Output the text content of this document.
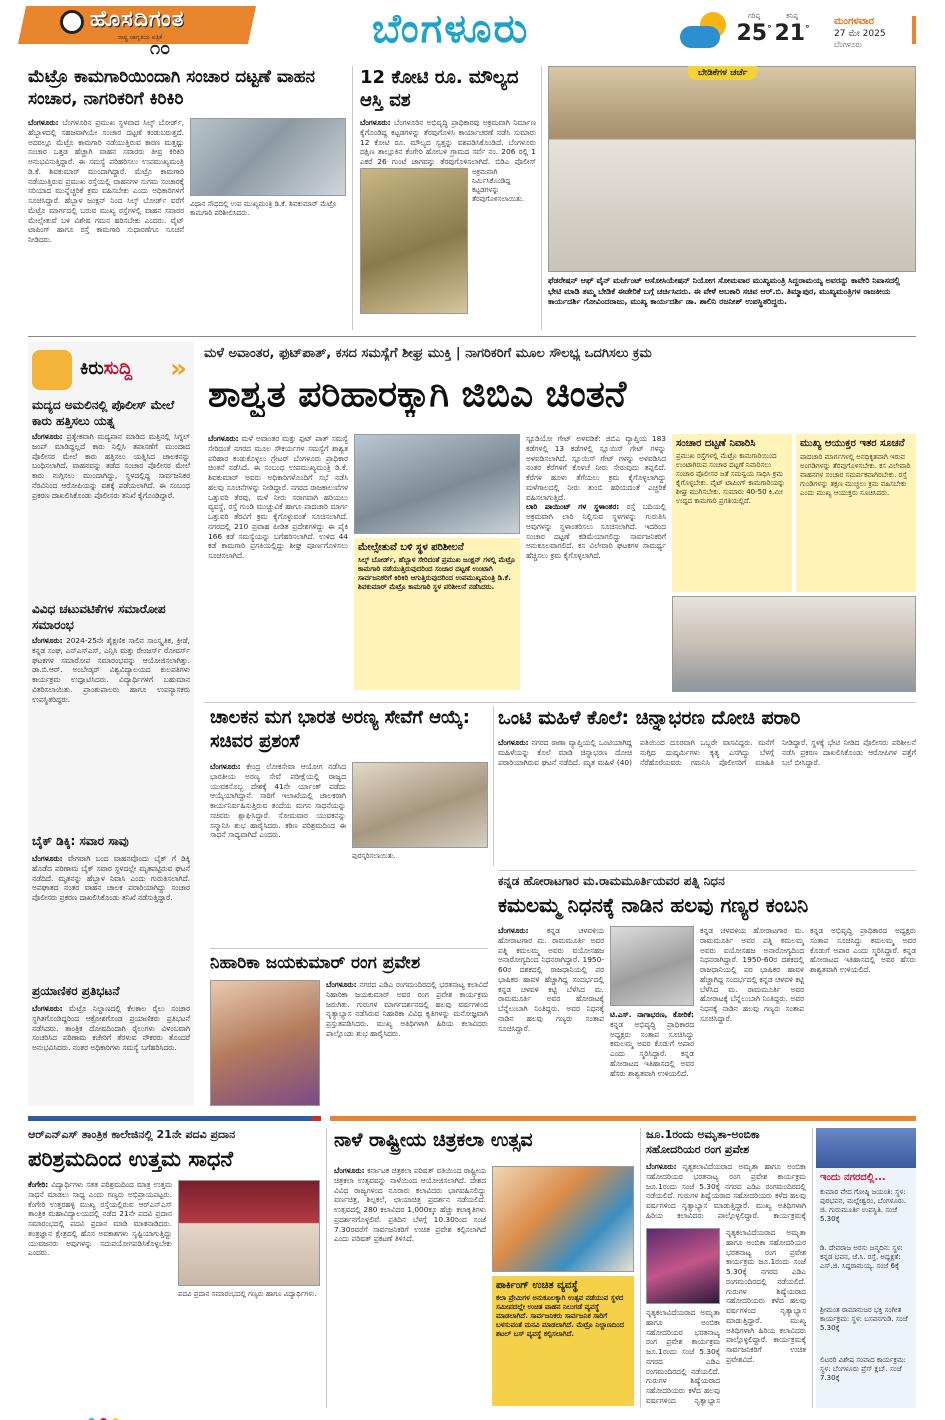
ಹೊಸದಿಗಂತ
ರಾಷ್ಟ್ರ ಜಾಗೃತಿಯ ಪತ್ರಿಕೆ
೧೦	ಬೆಂಗಳೂರು	ಗರಿಷ್ಠ
25°
ಕನಿಷ್ಠ
21°
ಮಂಗಳವಾರ
27 ಮೇ 2025
ಬೆಂಗಳೂರು
ಮೆಟ್ರೊ ಕಾಮಗಾರಿಯಿಂದಾಗಿ ಸಂಚಾರ ದಟ್ಟಣೆ ವಾಹನ ಸಂಚಾರ, ನಾಗರಿಕರಿಗೆ ಕಿರಿಕಿರಿ
ಬೆಂಗಳೂರು: ಬೆಂಗಳೂರಿನ ಪ್ರಮುಖ ಸ್ಥಳವಾದ ಸಿಲ್ಕ್ ಬೋರ್ಡ್, ಹೆಬ್ಬಾಳದಲ್ಲಿ ಸಹಜವಾಗಿಯೇ ಸಂಚಾರ ದಟ್ಟಣೆ ಕಂಡುಬರುತ್ತದೆ. ಅದರಲ್ಲೂ ಮೆಟ್ರೊ ಕಾಮಗಾರಿ ನಡೆಯುತ್ತಿರುವ ಕಾರಣ ಮತ್ತಷ್ಟು ಸಂಚಾರ ಒತ್ತಡ ಹೆಚ್ಚಾಗಿ ವಾಹನ ಸವಾರರು ತೀವ್ರ ಕಿರಿಕಿರಿ ಅನುಭವಿಸುತ್ತಿದ್ದಾರೆ. ಈ ಸಮಸ್ಯೆ ಪರಿಹರಿಸಲು ಉಪಮುಖ್ಯಮಂತ್ರಿ ಡಿ.ಕೆ. ಶಿವಕುಮಾರ್ ಮುಂದಾಗಿದ್ದಾರೆ. ಮೆಟ್ರೊ ಕಾಮಗಾರಿ ನಡೆಯುತ್ತಿರುವ ಪ್ರಮುಖ ರಸ್ತೆಯಲ್ಲಿ ವಾಹನಗಳ ಸುಗಮ ಸಂಚಾರಕ್ಕೆ ಸರಿಯಾದ ಮುನ್ನೆಚ್ಚರಿಕೆ ಕ್ರಮ ವಹಿಸಬೇಕು ಎಂದು ಅಧಿಕಾರಿಗಳಿಗೆ ಸೂಚಿಸಿದ್ದಾರೆ. ಹೆಬ್ಬಾಳ ಜಂಕ್ಷನ್ ನಿಂದ ಸಿಲ್ಕ್ ಬೋರ್ಡ್ ವರೆಗೆ ಮೆಟ್ರೊ ಮಾರ್ಗದಲ್ಲಿ ಬರುವ ಮುಖ್ಯ ರಸ್ತೆಗಳಲ್ಲಿ ವಾಹನ ಸವಾರರ ಮೇಲ್ಸೇತುವೆ ಬಳಿ ವಿಶೇಷ ಗಮನ ಹರಿಸಬೇಕು ಎಂದರು. ವೈಟ್ ಟಾಪಿಂಗ್ ಹಾಗೂ ರಸ್ತೆ ಕಾಮಗಾರಿ ಸುಧಾರಣೆಗೂ ಸೂಚನೆ ನೀಡಿದರು.
ವಿಧಾನ ಸೌಧದಲ್ಲಿ ಉಪ ಮುಖ್ಯಮಂತ್ರಿ ಡಿ.ಕೆ. ಶಿವಕುಮಾರ್ ಮೆಟ್ರೊ ಕಾಮಗಾರಿ ಪರಿಶೀಲಿಸಿದರು.
12 ಕೋಟಿ ರೂ. ಮೌಲ್ಯದ ಆಸ್ತಿ ವಶ
ಬೆಂಗಳೂರು: ಬೆಂಗಳೂರಿನ ಅಭಿವೃದ್ಧಿ ಪ್ರಾಧಿಕಾರವು ಅಕ್ರಮವಾಗಿ ನಿರ್ಮಾಣ ಕೈಗೊಂಡಿದ್ದ ಕಟ್ಟಡಗಳನ್ನು ತೆರವುಗೊಳಿಸಿ ಕಾರ್ಯಾಚರಣೆ ನಡೆಸಿ ಸುಮಾರು 12 ಕೋಟಿ ರೂ. ಮೌಲ್ಯದ ಸ್ವತ್ತನ್ನು ವಶಪಡಿಸಿಕೊಂಡಿದೆ. ಬೆಂಗಳೂರು ದಕ್ಷಿಣ ತಾಲ್ಲೂಕಿನ ಕೆಂಗೇರಿ ಹೋಬಳಿ ಗ್ರಾಮದ ಸರ್ವೆ ನಂ. 206 ರಲ್ಲಿ 1 ಎಕರೆ 26 ಗುಂಟೆ ಜಾಗವನ್ನು ತೆರವುಗೊಳಿಸಲಾಗಿದೆ. ಬಿಡಿಎ ಪೊಲೀಸ್
ಅಕ್ರಮವಾಗಿ ನಿರ್ಮಿಸಿಕೊಂಡಿದ್ದ ಕಟ್ಟಡಗಳನ್ನು ತೆರವುಗೊಳಿಸಲಾಯಿತು.
ಬೇಡಿಕೆಗಳ ಚರ್ಚೆ
ಫೆಡರೇಷನ್ ಆಫ್ ವೈನ್ ಮರ್ಚೆಂಟ್ ಅಸೋಸಿಯೇಷನ್ ನಿಯೋಗ ಸೋಮವಾರ ಮುಖ್ಯಮಂತ್ರಿ ಸಿದ್ದರಾಮಯ್ಯ ಅವರನ್ನು ಕಾವೇರಿ ನಿವಾಸದಲ್ಲಿ ಭೇಟಿ ಮಾಡಿ ತಮ್ಮ ಬೇಡಿಕೆ ಈಡೇರಿಕೆ ಬಗ್ಗೆ ಚರ್ಚಿಸಿದರು. ಈ ವೇಳೆ ಅಬಕಾರಿ ಸಚಿವ ಆರ್.ಬಿ. ತಿಮ್ಮಾಪುರ, ಮುಖ್ಯಮಂತ್ರಿಗಳ ರಾಜಕೀಯ ಕಾರ್ಯದರ್ಶಿ ಗೋವಿಂದರಾಜು, ಮುಖ್ಯ ಕಾರ್ಯದರ್ಶಿ ಡಾ. ಶಾಲಿನಿ ರಜನೀಶ್ ಉಪಸ್ಥಿತರಿದ್ದರು.
ಕಿರುಸುದ್ದಿ »
ಮದ್ಯದ ಅಮಲಿನಲ್ಲಿ ಪೊಲೀಸ್ ಮೇಲೆ ಕಾರು ಹತ್ತಿಸಲು ಯತ್ನ
ಬೆಂಗಳೂರು: ಪ್ರತ್ಯೇಕವಾಗಿ ಮದ್ಯಪಾನ ಮಾಡಿದ ಮತ್ತಿನಲ್ಲಿ ಸಿಗ್ನಲ್ ಜಂಪ್ ಮಾಡಿದ್ದಲ್ಲದೆ ಕಾರು ನಿಲ್ಲಿಸಿ ತಪಾಸಣೆಗೆ ಮುಂದಾದ ಪೊಲೀಸರ ಮೇಲೆ ಕಾರು ಹತ್ತಿಸಲು ಯತ್ನಿಸಿದ ಚಾಲಕನನ್ನು ಬಂಧಿಸಲಾಗಿದೆ. ವಾಹನವನ್ನು ತಡೆದ ಸಂಚಾರ ಪೊಲೀಸರ ಮೇಲೆ ಕಾರು ನುಗ್ಗಿಸಲು ಮುಂದಾಗಿದ್ದು, ಸ್ಥಳದಲ್ಲಿದ್ದ ಸಾರ್ವಜನಿಕರ ನೆರವಿನಿಂದ ಆರೋಪಿಯನ್ನು ವಶಕ್ಕೆ ಪಡೆಯಲಾಗಿದೆ. ಈ ಸಂಬಂಧ ಪ್ರಕರಣ ದಾಖಲಿಸಿಕೊಂಡು ಪೊಲೀಸರು ತನಿಖೆ ಕೈಗೊಂಡಿದ್ದಾರೆ.
ವಿವಿಧ ಚಟುವಟಿಕೆಗಳ ಸಮಾರೋಪ ಸಮಾರಂಭ
ಬೆಂಗಳೂರು: 2024-25ನೇ ಶೈಕ್ಷಣಿಕ ಸಾಲಿನ ಸಾಂಸ್ಕೃತಿಕ, ಕ್ರೀಡೆ, ಕನ್ನಡ ಸಂಘ, ಎನ್ಎಸ್ಎಸ್, ಎನ್ಸಿಸಿ ಮತ್ತು ರೇಂಜರ್ಸ್ ರೋವರ್ಸ್ ಘಟಕಗಳ ಸಮಾರೋಪ ಸಮಾರಂಭವನ್ನು ಆಯೋಜಿಸಲಾಗಿತ್ತು. ಡಾ.ಬಿ.ಆರ್. ಅಂಬೇಡ್ಕರ್ ವಿಶ್ವವಿದ್ಯಾಲಯದ ಕುಲಪತಿಗಳು ಕಾರ್ಯಕ್ರಮ ಉದ್ಘಾಟಿಸಿದರು. ವಿದ್ಯಾರ್ಥಿಗಳಿಗೆ ಬಹುಮಾನ ವಿತರಿಸಲಾಯಿತು. ಪ್ರಾಂಶುಪಾಲರು ಹಾಗೂ ಉಪನ್ಯಾಸಕರು ಉಪಸ್ಥಿತರಿದ್ದರು.
ಬೈಕ್ ಡಿಕ್ಕಿ: ಸವಾರ ಸಾವು
ಬೆಂಗಳೂರು: ವೇಗವಾಗಿ ಬಂದ ವಾಹನವೊಂದು ಬೈಕ್ ಗೆ ಡಿಕ್ಕಿ ಹೊಡೆದ ಪರಿಣಾಮ ಬೈಕ್ ಸವಾರ ಸ್ಥಳದಲ್ಲೇ ಮೃತಪಟ್ಟಿರುವ ಘಟನೆ ನಡೆದಿದೆ. ಮೃತನನ್ನು ಹೆಬ್ಬಾಳ ನಿವಾಸಿ ಎಂದು ಗುರುತಿಸಲಾಗಿದೆ. ಅಪಘಾತದ ನಂತರ ವಾಹನ ಚಾಲಕ ಪರಾರಿಯಾಗಿದ್ದು ಸಂಚಾರ ಪೊಲೀಸರು ಪ್ರಕರಣ ದಾಖಲಿಸಿಕೊಂಡು ತನಿಖೆ ನಡೆಸುತ್ತಿದ್ದಾರೆ.
ಪ್ರಯಾಣಿಕರ ಪ್ರತಿಭಟನೆ
ಬೆಂಗಳೂರು: ಮೆಟ್ರೊ ನಿಲ್ದಾಣದಲ್ಲಿ ಕೆಲಕಾಲ ರೈಲು ಸಂಚಾರ ಸ್ಥಗಿತಗೊಂಡಿದ್ದರಿಂದ ಆಕ್ರೋಶಗೊಂಡ ಪ್ರಯಾಣಿಕರು ಪ್ರತಿಭಟನೆ ನಡೆಸಿದರು. ತಾಂತ್ರಿಕ ದೋಷದಿಂದಾಗಿ ರೈಲುಗಳು ವಿಳಂಬವಾಗಿ ಸಂಚರಿಸಿದ ಪರಿಣಾಮ ಕಚೇರಿಗೆ ತೆರಳುವ ನೌಕರರು ತೊಂದರೆ ಅನುಭವಿಸಿದರು. ನಂತರ ಅಧಿಕಾರಿಗಳು ಸಮಸ್ಯೆ ಬಗೆಹರಿಸಿದರು.
ಮಳೆ ಅವಾಂತರ, ಫುಟ್‌ಪಾತ್, ಕಸದ ಸಮಸ್ಯೆಗೆ ಶೀಘ್ರ ಮುಕ್ತಿ | ನಾಗರಿಕರಿಗೆ ಮೂಲ ಸೌಲಭ್ಯ ಒದಗಿಸಲು ಕ್ರಮ
ಶಾಶ್ವತ ಪರಿಹಾರಕ್ಕಾಗಿ ಜಿಬಿಎ ಚಿಂತನೆ
ಬೆಂಗಳೂರು: ಮಳೆ ಅವಾಂತರ ಮತ್ತು ಫುಟ್ ಪಾತ್ ಸಮಸ್ಯೆ ಸೇರಿದಂತೆ ನಗರದ ಮೂಲ ಸೌಕರ್ಯಗಳ ಸಮಸ್ಯೆಗೆ ಶಾಶ್ವತ ಪರಿಹಾರ ಕಂಡುಕೊಳ್ಳಲು ಗ್ರೇಟರ್ ಬೆಂಗಳೂರು ಪ್ರಾಧಿಕಾರ ಚಿಂತನೆ ನಡೆಸಿದೆ. ಈ ಸಂಬಂಧ ಉಪಮುಖ್ಯಮಂತ್ರಿ ಡಿ.ಕೆ. ಶಿವಕುಮಾರ್ ಅವರು ಅಧಿಕಾರಿಗಳೊಂದಿಗೆ ಸಭೆ ನಡೆಸಿ ಹಲವು ಸೂಚನೆಗಳನ್ನು ನೀಡಿದ್ದಾರೆ. ನಗರದ ರಾಜಕಾಲುವೆಗಳ ಒತ್ತುವರಿ ತೆರವು, ಮಳೆ ನೀರು ಸರಾಗವಾಗಿ ಹರಿಯಲು ವ್ಯವಸ್ಥೆ, ರಸ್ತೆ ಗುಂಡಿ ಮುಚ್ಚುವಿಕೆ ಹಾಗೂ ಪಾದಚಾರಿ ಮಾರ್ಗ ಒತ್ತುವರಿ ತೆರವಿಗೆ ಕ್ರಮ ಕೈಗೊಳ್ಳುವಂತೆ ಸೂಚಿಸಲಾಗಿದೆ. ನಗರದಲ್ಲಿ 210 ಪ್ರವಾಹ ಪೀಡಿತ ಪ್ರದೇಶಗಳಿದ್ದು ಈ ಪೈಕಿ 166 ಕಡೆ ಸಮಸ್ಯೆಯನ್ನು ಬಗೆಹರಿಸಲಾಗಿದೆ. ಉಳಿದ 44 ಕಡೆ ಕಾಮಗಾರಿ ಪ್ರಗತಿಯಲ್ಲಿದ್ದು ಶೀಘ್ರ ಪೂರ್ಣಗೊಳಿಸಲು ಸೂಚಿಸಲಾಗಿದೆ.
ಮೇಲ್ಸೇತುವೆ ಬಳಿ ಸ್ಥಳ ಪರಿಶೀಲನೆ
ಸಿಲ್ಕ್ ಬೋರ್ಡ್, ಹೆಬ್ಬಾಳ ಸೇರಿದಂತೆ ಪ್ರಮುಖ ಜಂಕ್ಷನ್ ಗಳಲ್ಲಿ ಮೆಟ್ರೊ ಕಾಮಗಾರಿ ನಡೆಯುತ್ತಿರುವುದರಿಂದ ಸಂಚಾರ ದಟ್ಟಣೆ ಉಂಟಾಗಿ ಸಾರ್ವಜನಿಕರಿಗೆ ಕಿರಿಕಿರಿ ಆಗುತ್ತಿರುವುದರಿಂದ ಉಪಮುಖ್ಯಮಂತ್ರಿ ಡಿ.ಕೆ. ಶಿವಕುಮಾರ್ ಮೆಟ್ರೊ ಕಾಮಗಾರಿ ಸ್ಥಳ ಪರಿಶೀಲನೆ ನಡೆಸಿದರು.
ಸ್ಟೂಡಿಯೋ ಗೇಟ್ ಅಳವಡಿಕೆ: ಜಿಬಿಎ ವ್ಯಾಪ್ತಿಯ 183 ಕಡೆಗಳಲ್ಲಿ 13 ಕಡೆಗಳಲ್ಲಿ ಸ್ಲೂಯಿಸ್ ಗೇಟ್ ಗಳನ್ನು ಅಳವಡಿಸಲಾಗಿದೆ. ಸ್ಲೂಯಿಸ್ ಗೇಟ್ ಗಳನ್ನು ಅಳವಡಿಸಿದ ನಂತರ ಕೆರೆಗಳಿಗೆ ಕೊಳಚೆ ನೀರು ಸೇರುವುದು ತಪ್ಪಲಿದೆ. ಕೆರೆಗಳ ಹೂಳು ತೆಗೆಯಲು ಕ್ರಮ ಕೈಗೊಳ್ಳಲಾಗಿದ್ದು ಮಳೆಗಾಲದಲ್ಲಿ ನೀರು ತುಂಬಿ ಹರಿಯದಂತೆ ಎಚ್ಚರಿಕೆ ವಹಿಸಲಾಗುತ್ತಿದೆ.
ಲಾರಿ ಪಾಯಿಂಟ್ ಗಳ ಸ್ಥಳಾಂತರ: ರಸ್ತೆ ಬದಿಯಲ್ಲಿ ಅಕ್ರಮವಾಗಿ ಲಾರಿ ನಿಲ್ಲಿಸುವ ಸ್ಥಳಗಳನ್ನು ಗುರುತಿಸಿ ಅವುಗಳನ್ನು ಸ್ಥಳಾಂತರಿಸಲು ಸೂಚಿಸಲಾಗಿದೆ. ಇದರಿಂದ ಸಂಚಾರ ದಟ್ಟಣೆ ಕಡಿಮೆಯಾಗಲಿದ್ದು ಸಾರ್ವಜನಿಕರಿಗೆ ಅನುಕೂಲವಾಗಲಿದೆ. ಕಸ ವಿಲೇವಾರಿ ಘಟಕಗಳ ಸಾಮರ್ಥ್ಯ ಹೆಚ್ಚಿಸಲು ಕ್ರಮ ಕೈಗೊಳ್ಳಲಾಗಿದೆ.
ಸಂಚಾರ ದಟ್ಟಣೆ ನಿವಾರಿಸಿ
ಪ್ರಮುಖ ರಸ್ತೆಗಳಲ್ಲಿ ಮೆಟ್ರೊ ಕಾಮಗಾರಿಯಿಂದ ಉಂಟಾಗಿರುವ ಸಂಚಾರ ದಟ್ಟಣೆ ನಿವಾರಿಸಲು ಸಂಚಾರ ಪೊಲೀಸರ ಜತೆ ಸಮನ್ವಯ ಸಾಧಿಸಿ ಕ್ರಮ ಕೈಗೊಳ್ಳಬೇಕು. ವೈಟ್ ಟಾಪಿಂಗ್ ಕಾಮಗಾರಿಯನ್ನು ಶೀಘ್ರ ಮುಗಿಸಬೇಕು. ಸುಮಾರು 40-50 ಕಿ.ಮೀ ಉದ್ದದ ಕಾಮಗಾರಿ ಪ್ರಗತಿಯಲ್ಲಿದೆ.
ಮುಖ್ಯ ಆಯುಕ್ತರ ಇತರ ಸೂಚನೆ
ಪಾದಚಾರಿ ಮಾರ್ಗಗಳಲ್ಲಿ ಅನಧಿಕೃತವಾಗಿ ಇರುವ ಅಂಗಡಿಗಳನ್ನು ತೆರವುಗೊಳಿಸಬೇಕು. ಕಸ ವಿಲೇವಾರಿ ವಾಹನಗಳ ಸಂಚಾರ ಸಮರ್ಪಕವಾಗಿರಬೇಕು. ರಸ್ತೆ ಗುಂಡಿಗಳನ್ನು ತಕ್ಷಣ ಮುಚ್ಚಲು ಕ್ರಮ ವಹಿಸಬೇಕು ಎಂದು ಮುಖ್ಯ ಆಯುಕ್ತರು ಸೂಚಿಸಿದರು.
ಚಾಲಕನ ಮಗ ಭಾರತ ಅರಣ್ಯ ಸೇವೆಗೆ ಆಯ್ಕೆ: ಸಚಿವರ ಪ್ರಶಂಸೆ
ಬೆಂಗಳೂರು: ಕೇಂದ್ರ ಲೋಕಸೇವಾ ಆಯೋಗ ನಡೆಸಿದ ಭಾರತೀಯ ಅರಣ್ಯ ಸೇವೆ ಪರೀಕ್ಷೆಯಲ್ಲಿ ರಾಜ್ಯದ ಯುವಕನೊಬ್ಬ ದೇಶಕ್ಕೆ 41ನೇ ರ್ಯಾಂಕ್ ಪಡೆದು ಆಯ್ಕೆಯಾಗಿದ್ದಾನೆ. ಸಾರಿಗೆ ಇಲಾಖೆಯಲ್ಲಿ ಚಾಲಕರಾಗಿ ಕಾರ್ಯನಿರ್ವಹಿಸುತ್ತಿರುವ ತಂದೆಯ ಮಗನ ಸಾಧನೆಯನ್ನು ಸಚಿವರು ಶ್ಲಾಘಿಸಿದ್ದಾರೆ. ಸೋಮವಾರ ಯುವಕನನ್ನು ಸನ್ಮಾನಿಸಿ ಶುಭ ಹಾರೈಸಿದರು. ಕಠಿಣ ಪರಿಶ್ರಮದಿಂದ ಈ ಸಾಧನೆ ಸಾಧ್ಯವಾಗಿದೆ ಎಂದರು.
ಪುರಸ್ಕರಿಸಲಾಯಿತು.
ಒಂಟಿ ಮಹಿಳೆ ಕೊಲೆ: ಚಿನ್ನಾಭರಣ ದೋಚಿ ಪರಾರಿ
ಬೆಂಗಳೂರು: ನಗರದ ಠಾಣಾ ವ್ಯಾಪ್ತಿಯಲ್ಲಿ ಒಂಟಿಯಾಗಿದ್ದ ಮಹಿಳೆಯನ್ನು ಕೊಲೆ ಮಾಡಿ ಚಿನ್ನಾಭರಣ ದೋಚಿ ಪರಾರಿಯಾಗಿರುವ ಘಟನೆ ನಡೆದಿದೆ. ಮೃತ ಮಹಿಳೆ (40) ಪತಿಯಿಂದ ದೂರವಾಗಿ ಒಬ್ಬರೇ ವಾಸವಿದ್ದರು. ಮನೆಗೆ ನುಗ್ಗಿದ ದುಷ್ಕರ್ಮಿಗಳು ಕೃತ್ಯ ಎಸಗಿದ್ದು ಬೆಳಗ್ಗೆ ನೆರೆಹೊರೆಯವರು ಗಮನಿಸಿ ಪೊಲೀಸರಿಗೆ ಮಾಹಿತಿ ನೀಡಿದ್ದಾರೆ. ಸ್ಥಳಕ್ಕೆ ಭೇಟಿ ನೀಡಿದ ಪೊಲೀಸರು ಪರಿಶೀಲನೆ ನಡೆಸಿ ಪ್ರಕರಣ ದಾಖಲಿಸಿಕೊಂಡು ಆರೋಪಿಗಳ ಪತ್ತೆಗೆ ಬಲೆ ಬೀಸಿದ್ದಾರೆ.
ಕನ್ನಡ ಹೋರಾಟಗಾರ ಮ.ರಾಮಮೂರ್ತಿಯವರ ಪತ್ನಿ ನಿಧನ
ಕಮಲಮ್ಮ ನಿಧನಕ್ಕೆ ನಾಡಿನ ಹಲವು ಗಣ್ಯರ ಕಂಬನಿ
ಬೆಂಗಳೂರು: ಕನ್ನಡ ಚಳವಳಿಯ ಹೋರಾಟಗಾರ ಮ. ರಾಮಮೂರ್ತಿ ಅವರ ಪತ್ನಿ ಕಮಲಮ್ಮ ಅವರು ವಯೋಸಹಜ ಅನಾರೋಗ್ಯದಿಂದ ನಿಧನರಾಗಿದ್ದಾರೆ. 1950-60ರ ದಶಕದಲ್ಲಿ ರಾಜಧಾನಿಯಲ್ಲಿ ಪರ ಭಾಷಿಕರ ಹಾವಳಿ ಹೆಚ್ಚಾಗಿದ್ದ ಸಂದರ್ಭದಲ್ಲಿ ಕನ್ನಡ ಚಳವಳಿ ಕಟ್ಟಿ ಬೆಳೆಸಿದ ಮ. ರಾಮಮೂರ್ತಿ ಅವರ ಹೋರಾಟಕ್ಕೆ ಬೆನ್ನೆಲುಬಾಗಿ ನಿಂತಿದ್ದರು. ಅವರ ನಿಧನಕ್ಕೆ ನಾಡಿನ ಹಲವು ಗಣ್ಯರು ಸಂತಾಪ ಸೂಚಿಸಿದ್ದಾರೆ.
ಟಿ.ಎಸ್. ನಾಗಾಭರಣ, ಕೋರಿಕೆ: ಕನ್ನಡ ಅಭಿವೃದ್ಧಿ ಪ್ರಾಧಿಕಾರದ ಅಧ್ಯಕ್ಷರು ಸಂತಾಪ ಸೂಚಿಸಿದ್ದು ಕಮಲಮ್ಮ ಅವರ ಕೊಡುಗೆ ಅಪಾರ ಎಂದು ಸ್ಮರಿಸಿದ್ದಾರೆ. ಕನ್ನಡ ಹೋರಾಟದ ಇತಿಹಾಸದಲ್ಲಿ ಅವರ ಹೆಸರು ಶಾಶ್ವತವಾಗಿ ಉಳಿಯಲಿದೆ.
ಕನ್ನಡ ಚಳವಳಿಯ ಹೋರಾಟಗಾರ ಮ. ರಾಮಮೂರ್ತಿ ಅವರ ಪತ್ನಿ ಕಮಲಮ್ಮ ಅವರು ವಯೋಸಹಜ ಅನಾರೋಗ್ಯದಿಂದ ನಿಧನರಾಗಿದ್ದಾರೆ. 1950-60ರ ದಶಕದಲ್ಲಿ ರಾಜಧಾನಿಯಲ್ಲಿ ಪರ ಭಾಷಿಕರ ಹಾವಳಿ ಹೆಚ್ಚಾಗಿದ್ದ ಸಂದರ್ಭದಲ್ಲಿ ಕನ್ನಡ ಚಳವಳಿ ಕಟ್ಟಿ ಬೆಳೆಸಿದ ಮ. ರಾಮಮೂರ್ತಿ ಅವರ ಹೋರಾಟಕ್ಕೆ ಬೆನ್ನೆಲುಬಾಗಿ ನಿಂತಿದ್ದರು. ಅವರ ನಿಧನಕ್ಕೆ ನಾಡಿನ ಹಲವು ಗಣ್ಯರು ಸಂತಾಪ ಸೂಚಿಸಿದ್ದಾರೆ.
ಕನ್ನಡ ಅಭಿವೃದ್ಧಿ ಪ್ರಾಧಿಕಾರದ ಅಧ್ಯಕ್ಷರು ಸಂತಾಪ ಸೂಚಿಸಿದ್ದು ಕಮಲಮ್ಮ ಅವರ ಕೊಡುಗೆ ಅಪಾರ ಎಂದು ಸ್ಮರಿಸಿದ್ದಾರೆ. ಕನ್ನಡ ಹೋರಾಟದ ಇತಿಹಾಸದಲ್ಲಿ ಅವರ ಹೆಸರು ಶಾಶ್ವತವಾಗಿ ಉಳಿಯಲಿದೆ.
ನಿಹಾರಿಕಾ ಜಯಕುಮಾರ್ ರಂಗ ಪ್ರವೇಶ
ಬೆಂಗಳೂರು: ನಗರದ ಎಡಿಎ ರಂಗಮಂದಿರದಲ್ಲಿ ಭರತನಾಟ್ಯ ಕಲಾವಿದೆ ನಿಹಾರಿಕಾ ಜಯಕುಮಾರ್ ಅವರ ರಂಗ ಪ್ರವೇಶ ಕಾರ್ಯಕ್ರಮ ಜರುಗಿತು. ಗುರುಗಳ ಮಾರ್ಗದರ್ಶನದಲ್ಲಿ ಹಲವು ವರ್ಷಗಳಿಂದ ನೃತ್ಯಾಭ್ಯಾಸ ನಡೆಸಿರುವ ನಿಹಾರಿಕಾ ವಿವಿಧ ಕೃತಿಗಳನ್ನು ಮನೋಜ್ಞವಾಗಿ ಪ್ರಸ್ತುತಪಡಿಸಿದರು. ಮುಖ್ಯ ಅತಿಥಿಗಳಾಗಿ ಹಿರಿಯ ಕಲಾವಿದರು ಪಾಲ್ಗೊಂಡು ಶುಭ ಹಾರೈಸಿದರು.
ಆರ್‌ಎನ್‌ಎಸ್ ತಾಂತ್ರಿಕ ಕಾಲೇಜಿನಲ್ಲಿ 21ನೇ ಪದವಿ ಪ್ರದಾನ
ಪರಿಶ್ರಮದಿಂದ ಉತ್ತಮ ಸಾಧನೆ
ಕೆಂಗೇರಿ: ವಿದ್ಯಾರ್ಥಿಗಳು ಸತತ ಪರಿಶ್ರಮದಿಂದ ಮಾತ್ರ ಉತ್ತಮ ಸಾಧನೆ ಮಾಡಲು ಸಾಧ್ಯ ಎಂದು ಗಣ್ಯರು ಅಭಿಪ್ರಾಯಪಟ್ಟರು. ಕೆಂಗೇರಿ ಉತ್ತರಹಳ್ಳಿ ಮುಖ್ಯ ರಸ್ತೆಯಲ್ಲಿರುವ ಆರ್‌ಎನ್‌ಎಸ್ ತಾಂತ್ರಿಕ ಮಹಾವಿದ್ಯಾಲಯದಲ್ಲಿ ನಡೆದ 21ನೇ ಪದವಿ ಪ್ರದಾನ ಸಮಾರಂಭದಲ್ಲಿ ಪದವಿ ಪ್ರದಾನ ಮಾಡಿ ಮಾತನಾಡಿದರು. ತಂತ್ರಜ್ಞಾನ ಕ್ಷೇತ್ರದಲ್ಲಿ ಹೊಸ ಅವಕಾಶಗಳು ಸೃಷ್ಟಿಯಾಗುತ್ತಿದ್ದು ಯುವಜನರು ಅವುಗಳನ್ನು ಸದುಪಯೋಗಪಡಿಸಿಕೊಳ್ಳಬೇಕು ಎಂದರು.
ಪದವಿ ಪ್ರದಾನ ಸಮಾರಂಭದಲ್ಲಿ ಗಣ್ಯರು ಹಾಗೂ ವಿದ್ಯಾರ್ಥಿಗಳು.
ನಾಳೆ ರಾಷ್ಟ್ರೀಯ ಚಿತ್ರಕಲಾ ಉತ್ಸವ
ಬೆಂಗಳೂರು: ಕರ್ನಾಟಕ ಚಿತ್ರಕಲಾ ಪರಿಷತ್ ವತಿಯಿಂದ ರಾಷ್ಟ್ರೀಯ ಚಿತ್ರಕಲಾ ಉತ್ಸವವನ್ನು ನಾಳೆಯಿಂದ ಆಯೋಜಿಸಲಾಗಿದೆ. ದೇಶದ ವಿವಿಧ ರಾಜ್ಯಗಳಿಂದ ನೂರಾರು ಕಲಾವಿದರು ಭಾಗವಹಿಸಲಿದ್ದು ವರ್ಣಚಿತ್ರ, ಶಿಲ್ಪಕಲೆ, ಛಾಯಾಚಿತ್ರ ಪ್ರದರ್ಶನ ನಡೆಯಲಿದೆ. ಉತ್ಸವದಲ್ಲಿ 280 ಕಲಾವಿದರ 1,000ಕ್ಕೂ ಹೆಚ್ಚು ಕಲಾಕೃತಿಗಳು ಪ್ರದರ್ಶನಗೊಳ್ಳಲಿವೆ. ಪ್ರತಿದಿನ ಬೆಳಗ್ಗೆ 10.30ರಿಂದ ಸಂಜೆ 7.30ರವರೆಗೆ ಸಾರ್ವಜನಿಕರಿಗೆ ಉಚಿತ ಪ್ರವೇಶ ಕಲ್ಪಿಸಲಾಗಿದೆ ಎಂದು ಪರಿಷತ್ ಪ್ರಕಟಣೆ ತಿಳಿಸಿದೆ.
ಪಾರ್ಕಿಂಗ್ ಉಚಿತ ವ್ಯವಸ್ಥೆ
ಕಲಾ ಪ್ರೇಮಿಗಳ ಅನುಕೂಲಕ್ಕಾಗಿ ಉತ್ಸವ ನಡೆಯುವ ಸ್ಥಳದ ಸಮೀಪದಲ್ಲೇ ಉಚಿತ ವಾಹನ ನಿಲುಗಡೆ ವ್ಯವಸ್ಥೆ ಮಾಡಲಾಗಿದೆ. ಸಾರ್ವಜನಿಕರು ಸಾರ್ವಜನಿಕ ಸಾರಿಗೆ ಬಳಸುವಂತೆ ಮನವಿ ಮಾಡಲಾಗಿದೆ. ಮೆಟ್ರೊ ನಿಲ್ದಾಣದಿಂದ ಶಟಲ್ ಬಸ್ ವ್ಯವಸ್ಥೆ ಕಲ್ಪಿಸಲಾಗಿದೆ.
ಜೂ.1ರಂದು ಅಮೃತಾ-ಅಂಬಿಕಾ ಸಹೋದರಿಯರ ರಂಗ ಪ್ರವೇಶ
ಬೆಂಗಳೂರು: ನೃತ್ಯಕಲಾವಿದೆಯರಾದ ಅಮೃತಾ ಹಾಗೂ ಅಂಬಿಕಾ ಸಹೋದರಿಯರ ಭರತನಾಟ್ಯ ರಂಗ ಪ್ರವೇಶ ಕಾರ್ಯಕ್ರಮ ಜೂ.1ರಂದು ಸಂಜೆ 5.30ಕ್ಕೆ ನಗರದ ಎಡಿಎ ರಂಗಮಂದಿರದಲ್ಲಿ ನಡೆಯಲಿದೆ. ಗುರುಗಳ ಶಿಷ್ಯೆಯರಾದ ಸಹೋದರಿಯರು ಕಳೆದ ಹಲವು ವರ್ಷಗಳಿಂದ ನೃತ್ಯಾಭ್ಯಾಸ ಮಾಡುತ್ತಿದ್ದಾರೆ. ಮುಖ್ಯ ಅತಿಥಿಗಳಾಗಿ ಹಿರಿಯ ಕಲಾವಿದರು ಪಾಲ್ಗೊಳ್ಳಲಿದ್ದಾರೆ. ಕಾರ್ಯಕ್ರಮಕ್ಕೆ
ನೃತ್ಯಕಲಾವಿದೆಯರಾದ ಅಮೃತಾ ಹಾಗೂ ಅಂಬಿಕಾ ಸಹೋದರಿಯರ ಭರತನಾಟ್ಯ ರಂಗ ಪ್ರವೇಶ ಕಾರ್ಯಕ್ರಮ ಜೂ.1ರಂದು ಸಂಜೆ 5.30ಕ್ಕೆ ನಗರದ ಎಡಿಎ ರಂಗಮಂದಿರದಲ್ಲಿ ನಡೆಯಲಿದೆ. ಗುರುಗಳ ಶಿಷ್ಯೆಯರಾದ ಸಹೋದರಿಯರು ಕಳೆದ ಹಲವು ವರ್ಷಗಳಿಂದ ನೃತ್ಯಾಭ್ಯಾಸ ಮಾಡುತ್ತಿದ್ದಾರೆ. ಮುಖ್ಯ ಅತಿಥಿಗಳಾಗಿ ಹಿರಿಯ ಕಲಾವಿದರು ಪಾಲ್ಗೊಳ್ಳಲಿದ್ದಾರೆ. ಕಾರ್ಯಕ್ರಮಕ್ಕೆ ಸಾರ್ವಜನಿಕರಿಗೆ ಉಚಿತ ಪ್ರವೇಶವಿದೆ.
ನೃತ್ಯಕಲಾವಿದೆಯರಾದ ಅಮೃತಾ ಹಾಗೂ ಅಂಬಿಕಾ ಸಹೋದರಿಯರ ಭರತನಾಟ್ಯ ರಂಗ ಪ್ರವೇಶ ಕಾರ್ಯಕ್ರಮ ಜೂ.1ರಂದು ಸಂಜೆ 5.30ಕ್ಕೆ ನಗರದ ಎಡಿಎ ರಂಗಮಂದಿರದಲ್ಲಿ ನಡೆಯಲಿದೆ. ಗುರುಗಳ ಶಿಷ್ಯೆಯರಾದ ಸಹೋದರಿಯರು ಕಳೆದ ಹಲವು ವರ್ಷಗಳಿಂದ ನೃತ್ಯಾಭ್ಯಾಸ
ಇಂದು ನಗರದಲ್ಲಿ...
ಕುಮಾರ ವೇದ ಗೋಷ್ಠಿ ಜಯಂತಿ: ಸ್ಥಳ: ಪುರಭವನ, ಮಲ್ಲೇಶ್ವರಂ, ಬೆಂಗಳೂರು. ಜಿ. ಗುರುಮೂರ್ತಿ ಉಪಸ್ಥಿತಿ. ಸಂಜೆ 5.30ಕ್ಕೆ
ಡಿ. ದೇವರಾಜ ಅರಸು ಜನ್ಮದಿನ: ಸ್ಥಳ: ಕನ್ನಡ ಭವನ, ಜೆ.ಸಿ. ರಸ್ತೆ. ಅಧ್ಯಕ್ಷತೆ: ಎಸ್.ಜಿ. ಸಿದ್ದರಾಮಯ್ಯ. ಸಂಜೆ 6ಕ್ಕೆ
ಶ್ರೀಮಂತ ರಾಮಾನುಜರ ಭಕ್ತಿ ಸಂಗೀತ ಕಾರ್ಯಕ್ರಮ: ಸ್ಥಳ: ಬಸವನಗುಡಿ. ಸಂಜೆ 5.30ಕ್ಕೆ
ಲಿಟರರಿ ವಿಶೇಷ ಸಂವಾದ ಕಾರ್ಯಕ್ರಮ: ಸ್ಥಳ: ಬೆಂಗಳೂರು ಪ್ರೆಸ್ ಕ್ಲಬ್. ಸಂಜೆ 7.30ಕ್ಕೆ
